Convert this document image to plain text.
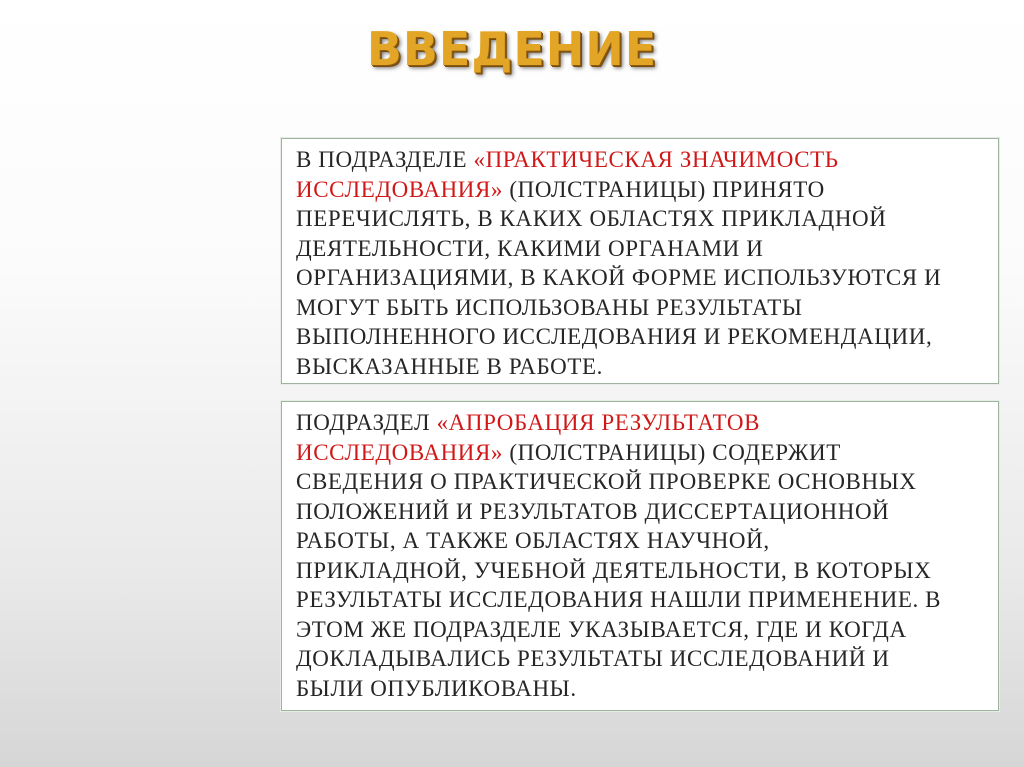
ВВЕДЕНИЕ
В ПОДРАЗДЕЛЕ «ПРАКТИЧЕСКАЯ ЗНАЧИМОСТЬ
ИССЛЕДОВАНИЯ» (ПОЛСТРАНИЦЫ) ПРИНЯТО
ПЕРЕЧИСЛЯТЬ, В КАКИХ ОБЛАСТЯХ ПРИКЛАДНОЙ
ДЕЯТЕЛЬНОСТИ, КАКИМИ ОРГАНАМИ И
ОРГАНИЗАЦИЯМИ, В КАКОЙ ФОРМЕ ИСПОЛЬЗУЮТСЯ И
МОГУТ БЫТЬ ИСПОЛЬЗОВАНЫ РЕЗУЛЬТАТЫ
ВЫПОЛНЕННОГО ИССЛЕДОВАНИЯ И РЕКОМЕНДАЦИИ,
ВЫСКАЗАННЫЕ В РАБОТЕ.
ПОДРАЗДЕЛ «АПРОБАЦИЯ РЕЗУЛЬТАТОВ
ИССЛЕДОВАНИЯ» (ПОЛСТРАНИЦЫ) СОДЕРЖИТ
СВЕДЕНИЯ О ПРАКТИЧЕСКОЙ ПРОВЕРКЕ ОСНОВНЫХ
ПОЛОЖЕНИЙ И РЕЗУЛЬТАТОВ ДИССЕРТАЦИОННОЙ
РАБОТЫ, А ТАКЖЕ ОБЛАСТЯХ НАУЧНОЙ,
ПРИКЛАДНОЙ, УЧЕБНОЙ ДЕЯТЕЛЬНОСТИ, В КОТОРЫХ
РЕЗУЛЬТАТЫ ИССЛЕДОВАНИЯ НАШЛИ ПРИМЕНЕНИЕ. В
ЭТОМ ЖЕ ПОДРАЗДЕЛЕ УКАЗЫВАЕТСЯ, ГДЕ И КОГДА
ДОКЛАДЫВАЛИСЬ РЕЗУЛЬТАТЫ ИССЛЕДОВАНИЙ И
БЫЛИ ОПУБЛИКОВАНЫ.
